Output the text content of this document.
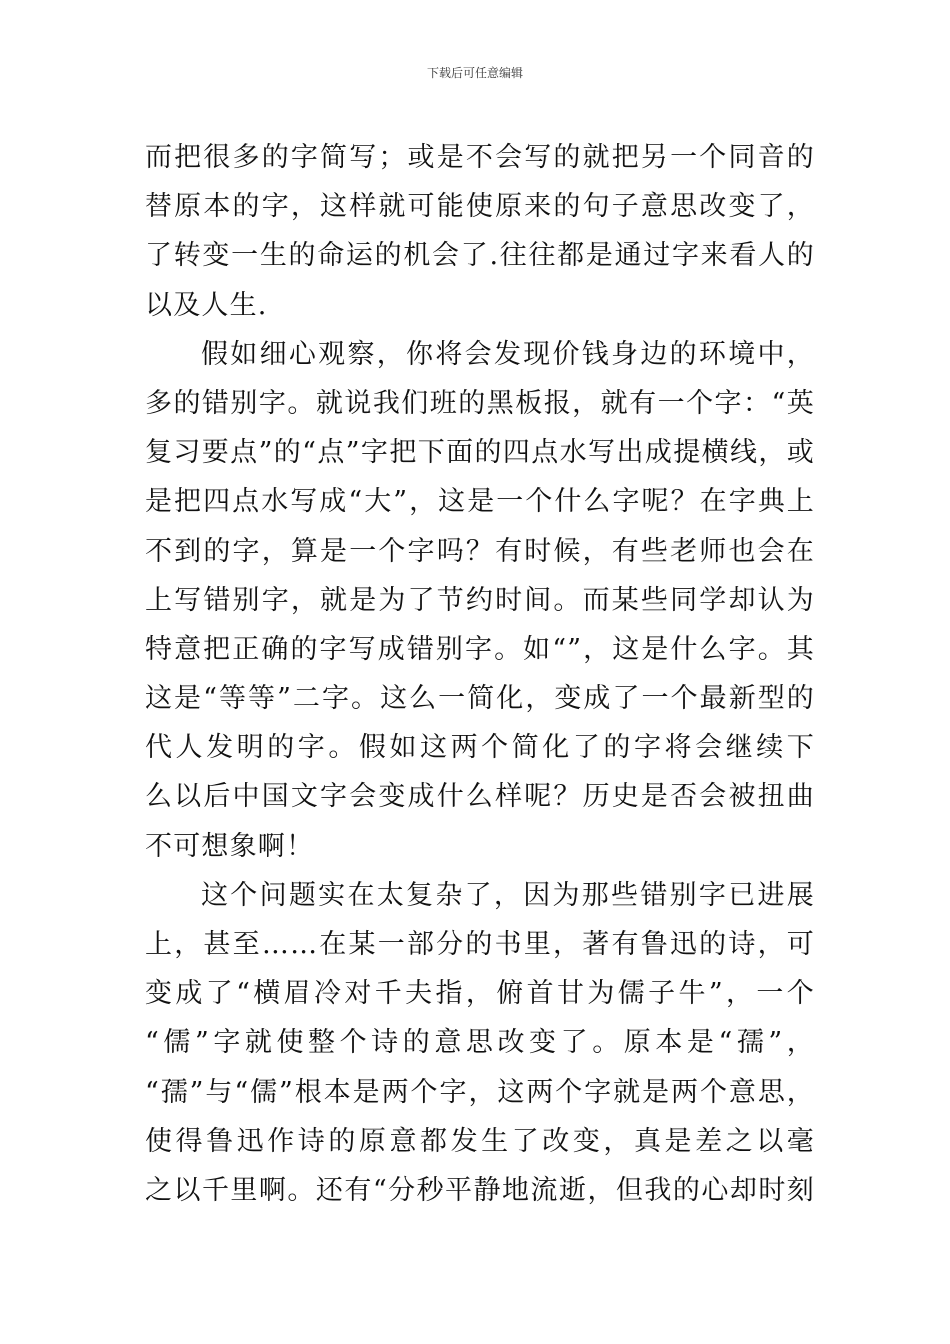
下载后可任意编辑
而把很多的字简写；或是不会写的就把另一个同音的
替原本的字，这样就可能使原来的句子意思改变了，
了转变一生的命运的机会了.往往都是通过字来看人的
以及人生.
假如细心观察，你将会发现价钱身边的环境中，
多的错别字。就说我们班的黑板报，就有一个字：“英
复习要点”的“点”字把下面的四点水写出成提横线，或
是把四点水写成“大”，这是一个什么字呢？在字典上
不到的字，算是一个字吗？有时候，有些老师也会在
上写错别字，就是为了节约时间。而某些同学却认为
特意把正确的字写成错别字。如“”，这是什么字。其
这是“等等”二字。这么一简化，变成了一个最新型的
代人发明的字。假如这两个简化了的字将会继续下
么以后中国文字会变成什么样呢？历史是否会被扭曲
不可想象啊！
这个问题实在太复杂了，因为那些错别字已进展
上，甚至……在某一部分的书里，著有鲁迅的诗，可
变成了“横眉冷对千夫指，俯首甘为儒子牛”，一个
“儒”字就使整个诗的意思改变了。原本是“孺”，
“孺”与“儒”根本是两个字，这两个字就是两个意思，
使得鲁迅作诗的原意都发生了改变，真是差之以毫
之以千里啊。还有“分秒平静地流逝，但我的心却时刻
